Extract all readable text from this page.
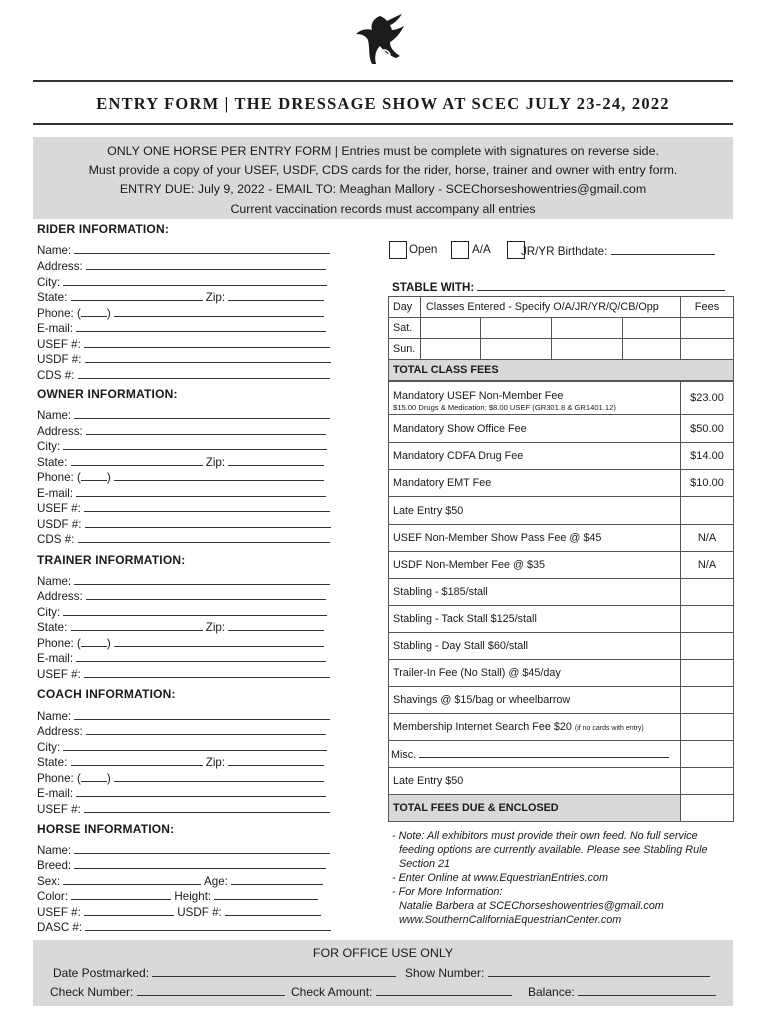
ENTRY FORM | THE DRESSAGE SHOW AT SCEC JULY 23-24, 2022
ONLY ONE HORSE PER ENTRY FORM | Entries must be complete with signatures on reverse side.
Must provide a copy of your USEF, USDF, CDS cards for the rider, horse, trainer and owner with entry form.
ENTRY DUE: July 9, 2022 - EMAIL TO: Meaghan Mallory - SCEChorseshowentries@gmail.com
Current vaccination records must accompany all entries
RIDER INFORMATION:
Name:
Address:
City:
State:	Zip:
Phone: ( )
E-mail:
USEF #:
USDF #:
CDS #:
OWNER INFORMATION:
Name:
Address:
City:
State:	Zip:
Phone: ( )
E-mail:
USEF #:
USDF #:
CDS #:
TRAINER INFORMATION:
Name:
Address:
City:
State:	Zip:
Phone: ( )
E-mail:
USEF #:
COACH INFORMATION:
Name:
Address:
City:
State:	Zip:
Phone: ( )
E-mail:
USEF #:
HORSE INFORMATION:
Name:
Breed:
Sex:	Age:
Color:	Height:
USEF #:	USDF #:
DASC #:
Open	A/A	JR/YR Birthdate:
STABLE WITH:
Day Classes Entered - Specify O/A/JR/YR/Q/CB/Opp	Fees
Sat.
Sun.
TOTAL CLASS FEES
Mandatory USEF Non-Member Fee
$15.00 Drugs & Medication; $8.00 USEF (GR301.8 & GR1401.12)
$23.00
Mandatory Show Office Fee	$50.00
Mandatory CDFA Drug Fee	$14.00
Mandatory EMT Fee	$10.00
Late Entry $50
USEF Non-Member Show Pass Fee @ $45	N/A
USDF Non-Member Fee @ $35	N/A
Stabling - $185/stall
Stabling - Tack Stall $125/stall
Stabling - Day Stall $60/stall
Trailer-In Fee (No Stall) @ $45/day
Shavings @ $15/bag or wheelbarrow
Membership Internet Search Fee $20 (if no cards with entry)
Misc.
Late Entry $50
TOTAL FEES DUE & ENCLOSED
- Note: All exhibitors must provide their own feed. No full service
feeding options are currently available. Please see Stabling Rule
Section 21
- Enter Online at www.EquestrianEntries.com
- For More Information:
Natalie Barbera at SCEChorseshowentries@gmail.com
www.SouthernCaliforniaEquestrianCenter.com
FOR OFFICE USE ONLY
Date Postmarked:	Show Number:
Check Number:	Check Amount:	Balance:
